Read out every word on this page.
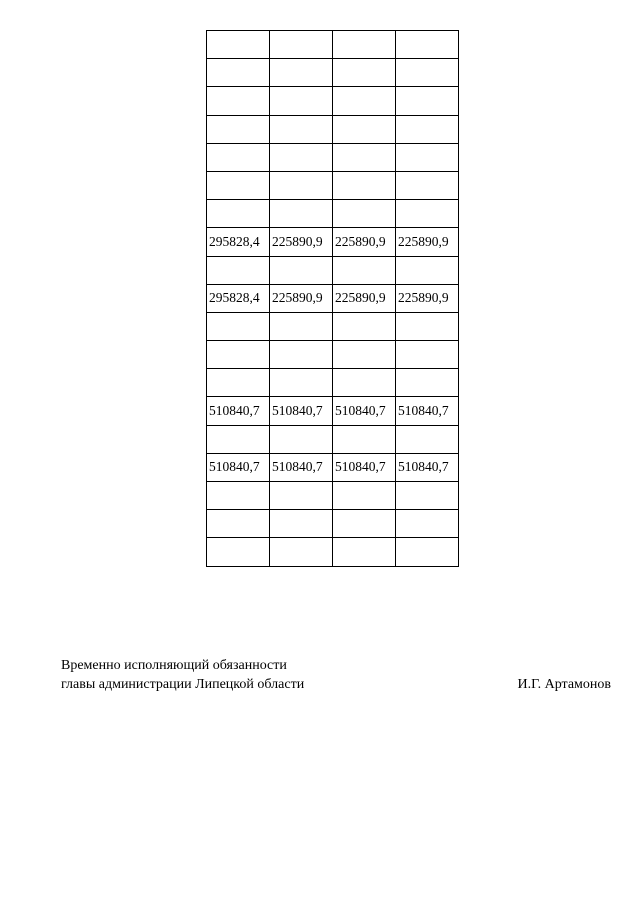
295828,4	225890,9	225890,9	225890,9

295828,4	225890,9	225890,9	225890,9

510840,7	510840,7	510840,7	510840,7

510840,7	510840,7	510840,7	510840,7

Временно исполняющий обязанности
главы администрации Липецкой области	И.Г. Артамонов
